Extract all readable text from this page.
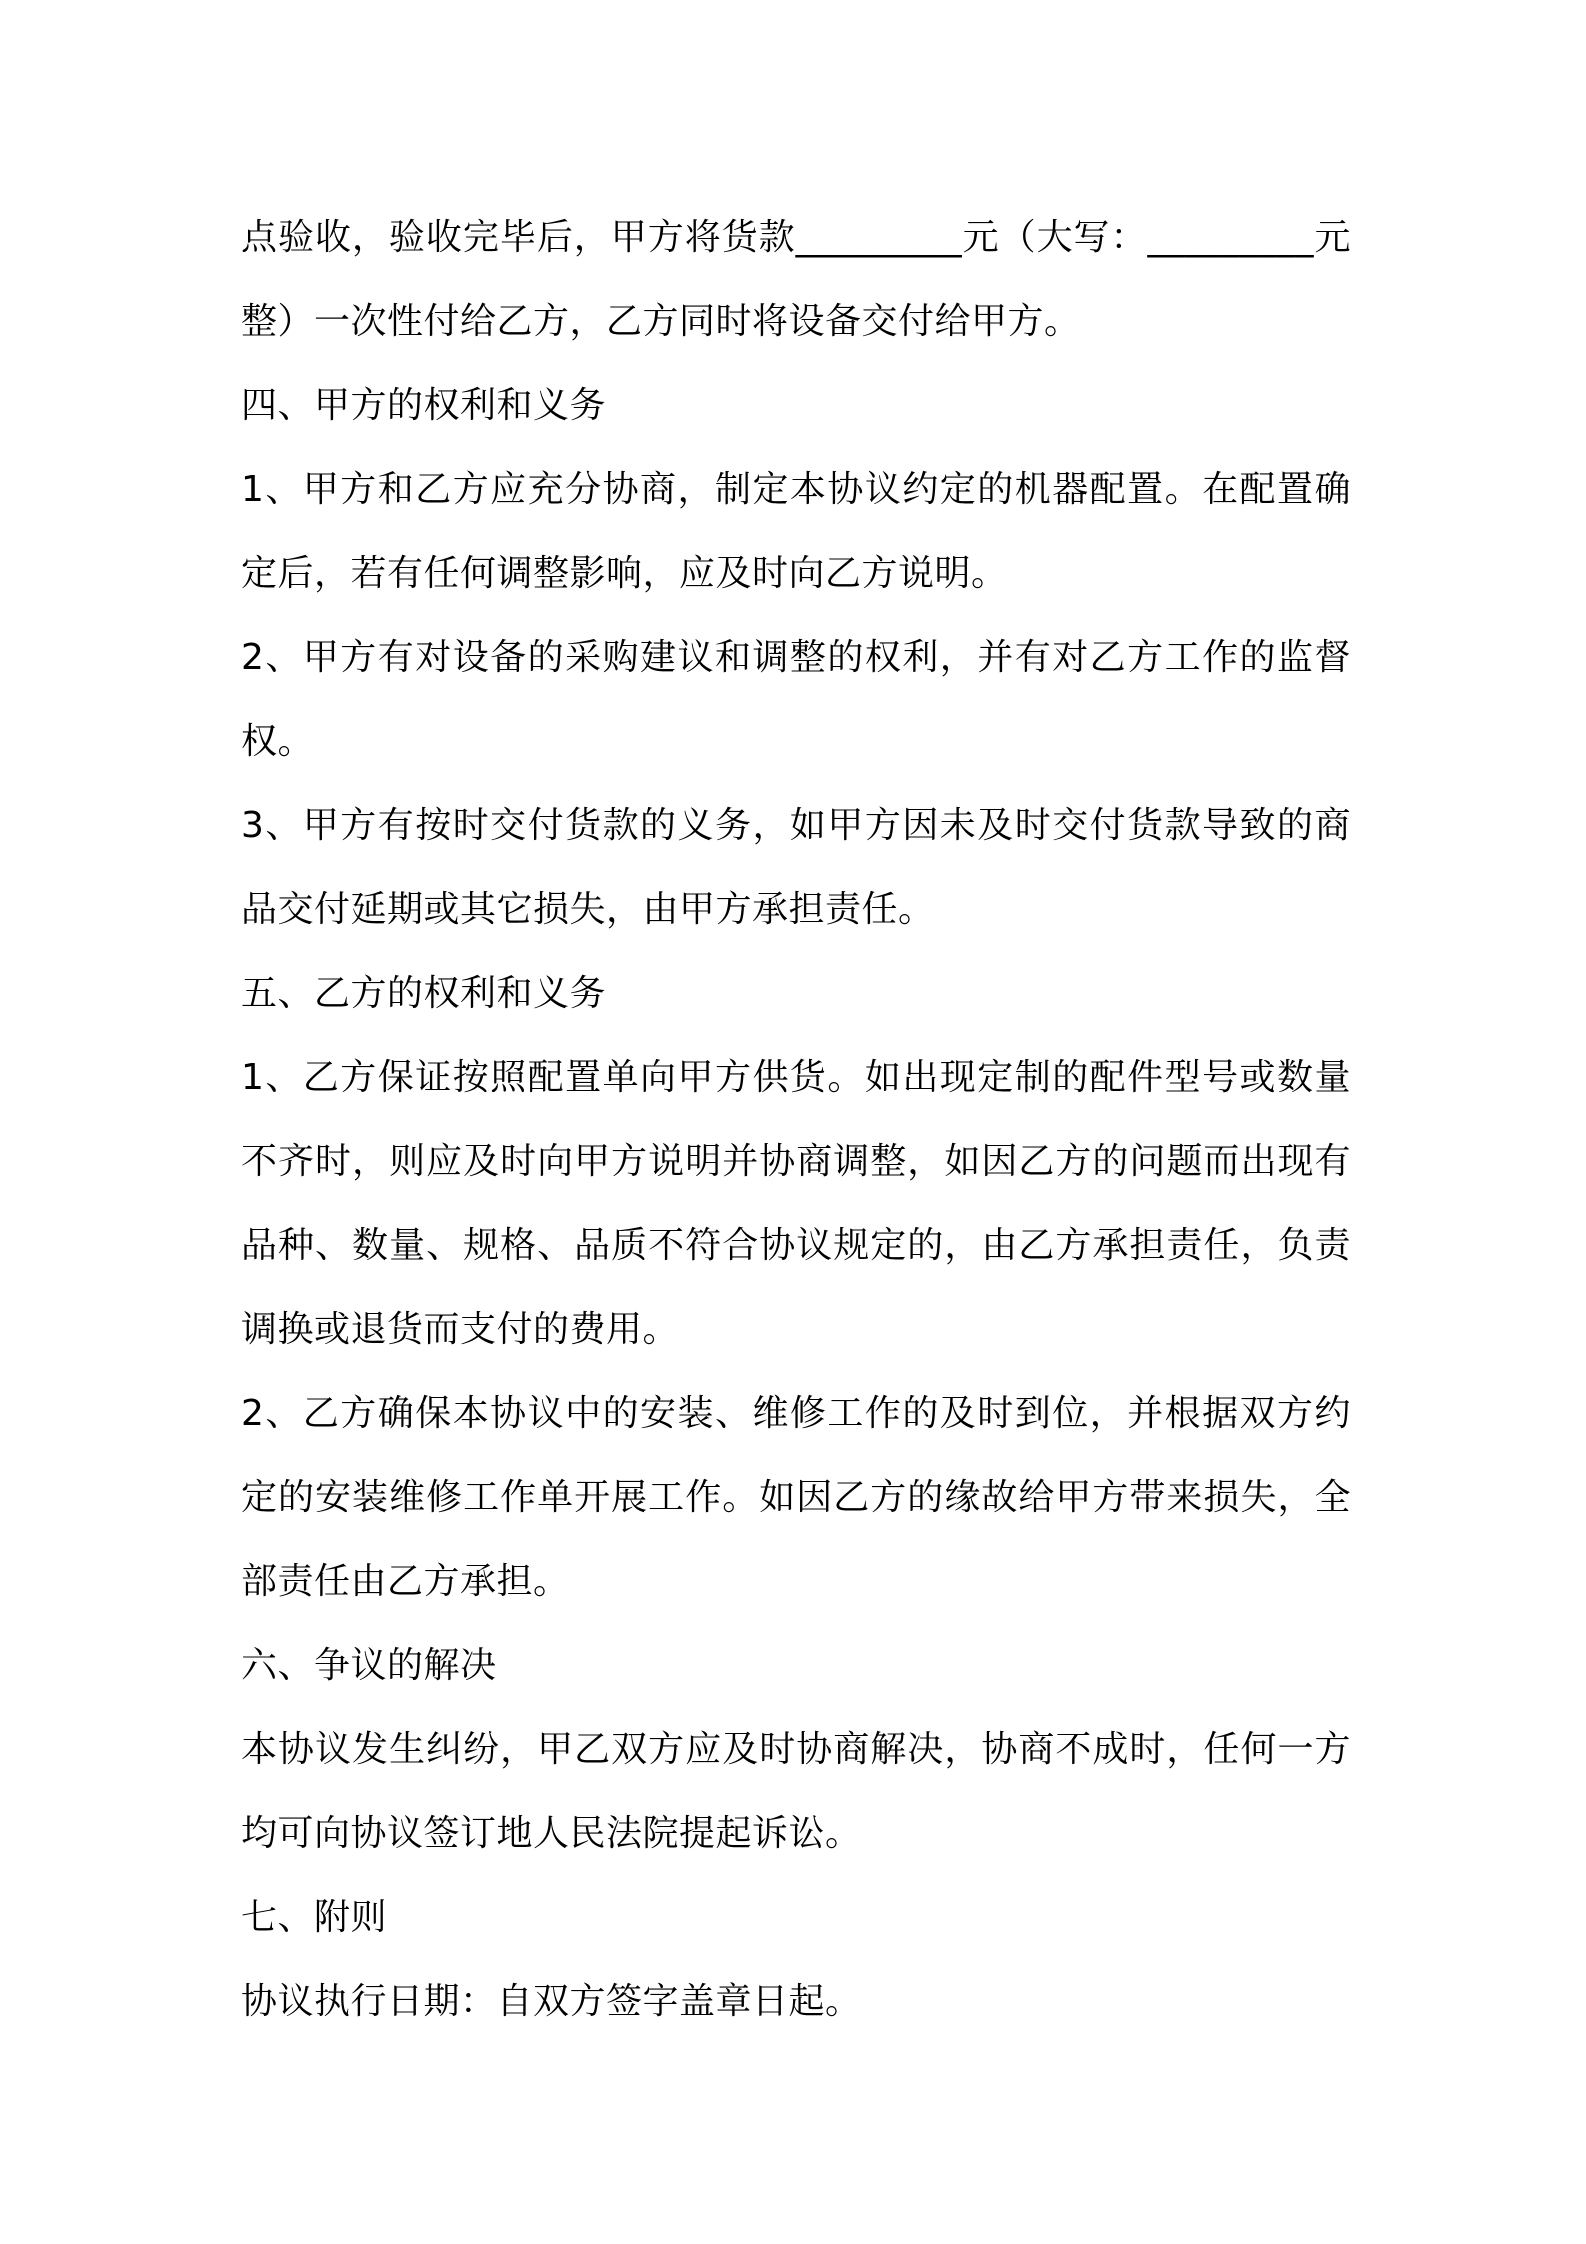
点验收，验收完毕后，甲方将货款_________元（大写：_________元整）一次性付给乙方，乙方同时将设备交付给甲方。

四、甲方的权利和义务

1、甲方和乙方应充分协商，制定本协议约定的机器配置。在配置确定后，若有任何调整影响，应及时向乙方说明。

2、甲方有对设备的采购建议和调整的权利，并有对乙方工作的监督权。

3、甲方有按时交付货款的义务，如甲方因未及时交付货款导致的商品交付延期或其它损失，由甲方承担责任。

五、乙方的权利和义务

1、乙方保证按照配置单向甲方供货。如出现定制的配件型号或数量不齐时，则应及时向甲方说明并协商调整，如因乙方的问题而出现有品种、数量、规格、品质不符合协议规定的，由乙方承担责任，负责调换或退货而支付的费用。

2、乙方确保本协议中的安装、维修工作的及时到位，并根据双方约定的安装维修工作单开展工作。如因乙方的缘故给甲方带来损失，全部责任由乙方承担。

六、争议的解决

本协议发生纠纷，甲乙双方应及时协商解决，协商不成时，任何一方均可向协议签订地人民法院提起诉讼。

七、附则

协议执行日期：自双方签字盖章日起。
